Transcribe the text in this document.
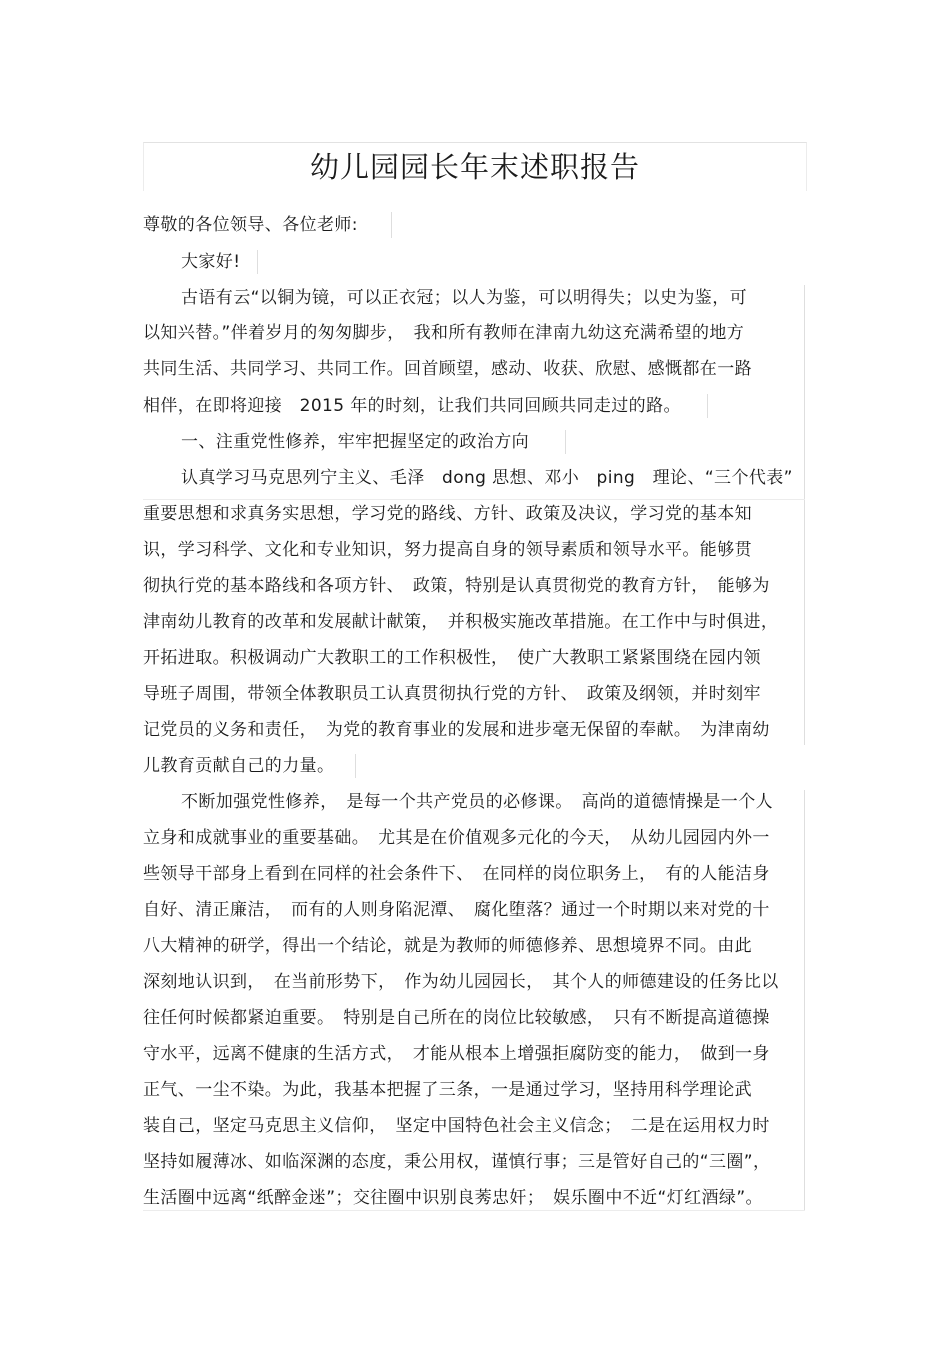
幼儿园园长年末述职报告
尊敬的各位领导、各位老师:
大家好!
古语有云“以铜为镜，可以正衣冠；以人为鉴，可以明得失；以史为鉴，可
以知兴替。”伴着岁月的匆匆脚步，　我和所有教师在津南九幼这充满希望的地方
共同生活、共同学习、共同工作。回首顾望，感动、收获、欣慰、感慨都在一路
相伴，在即将迎接　2015 年的时刻，让我们共同回顾共同走过的路。
一、注重党性修养，牢牢把握坚定的政治方向
认真学习马克思列宁主义、毛泽　dong 思想、邓小　ping　理论、“三个代表”
重要思想和求真务实思想，学习党的路线、方针、政策及决议，学习党的基本知
识，学习科学、文化和专业知识，努力提高自身的领导素质和领导水平。能够贯
彻执行党的基本路线和各项方针、　政策，特别是认真贯彻党的教育方针，　能够为
津南幼儿教育的改革和发展献计献策，　并积极实施改革措施。在工作中与时俱进，
开拓进取。积极调动广大教职工的工作积极性，　使广大教职工紧紧围绕在园内领
导班子周围，带领全体教职员工认真贯彻执行党的方针、　政策及纲领，并时刻牢
记党员的义务和责任，　为党的教育事业的发展和进步毫无保留的奉献。　为津南幼
儿教育贡献自己的力量。
不断加强党性修养，　是每一个共产党员的必修课。　高尚的道德情操是一个人
立身和成就事业的重要基础。　尤其是在价值观多元化的今天，　从幼儿园园内外一
些领导干部身上看到在同样的社会条件下、　在同样的岗位职务上，　有的人能洁身
自好、清正廉洁，　而有的人则身陷泥潭、　腐化堕落？通过一个时期以来对党的十
八大精神的研学，得出一个结论，就是为教师的师德修养、思想境界不同。由此
深刻地认识到，　在当前形势下，　作为幼儿园园长，　其个人的师德建设的任务比以
往任何时候都紧迫重要。　特别是自己所在的岗位比较敏感，　只有不断提高道德操
守水平，远离不健康的生活方式，　才能从根本上增强拒腐防变的能力，　做到一身
正气、一尘不染。为此，我基本把握了三条，一是通过学习，坚持用科学理论武
装自己，坚定马克思主义信仰，　坚定中国特色社会主义信念；　二是在运用权力时
坚持如履薄冰、如临深渊的态度，秉公用权，谨慎行事；三是管好自己的“三圈”，
生活圈中远离“纸醉金迷”；交往圈中识别良莠忠奸；　娱乐圈中不近“灯红酒绿”。
